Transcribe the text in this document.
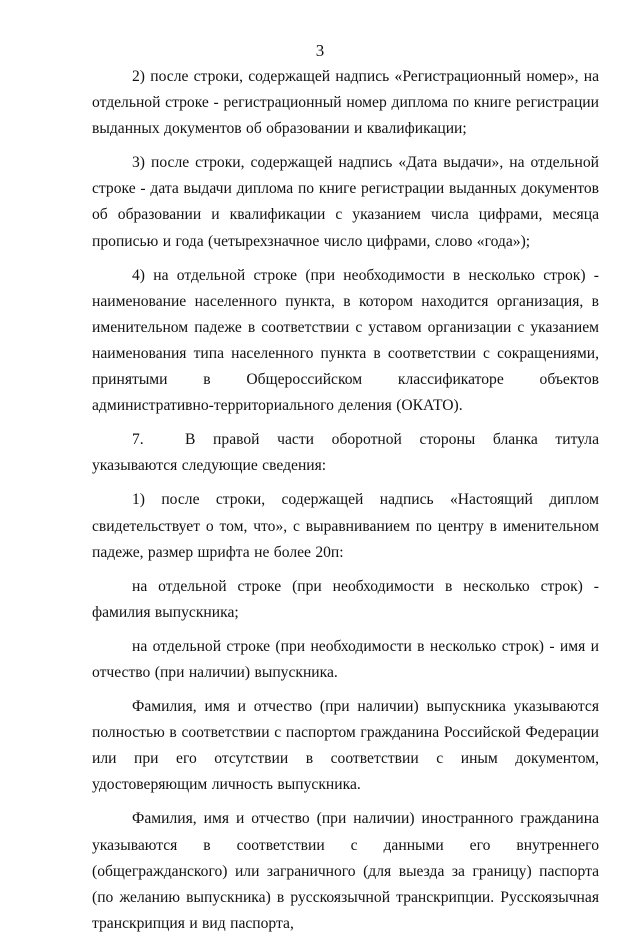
3

2) после строки, содержащей надпись «Регистрационный номер», на отдельной строке - регистрационный номер диплома по книге регистрации выданных документов об образовании и квалификации;

3) после строки, содержащей надпись «Дата выдачи», на отдельной строке - дата выдачи диплома по книге регистрации выданных документов об образовании и квалификации с указанием числа цифрами, месяца прописью и года (четырехзначное число цифрами, слово «года»);

4) на отдельной строке (при необходимости в несколько строк) - наименование населенного пункта, в котором находится организация, в именительном падеже в соответствии с уставом организации с указанием наименования типа населенного пункта в соответствии с сокращениями, принятыми в Общероссийском классификаторе объектов административно-территориального деления (ОКАТО).

7.	В правой части оборотной стороны бланка титула указываются следующие сведения:

1) после строки, содержащей надпись «Настоящий диплом свидетельствует о том, что», с выравниванием по центру в именительном падеже, размер шрифта не более 20п:

на отдельной строке (при необходимости в несколько строк) - фамилия выпускника;

на отдельной строке (при необходимости в несколько строк) - имя и отчество (при наличии) выпускника.

Фамилия, имя и отчество (при наличии) выпускника указываются полностью в соответствии с паспортом гражданина Российской Федерации или при его отсутствии в соответствии с иным документом, удостоверяющим личность выпускника.

Фамилия, имя и отчество (при наличии) иностранного гражданина указываются в соответствии с данными его внутреннего (общегражданского) или заграничного (для выезда за границу) паспорта (по желанию выпускника) в русскоязычной транскрипции. Русскоязычная транскрипция и вид паспорта,
